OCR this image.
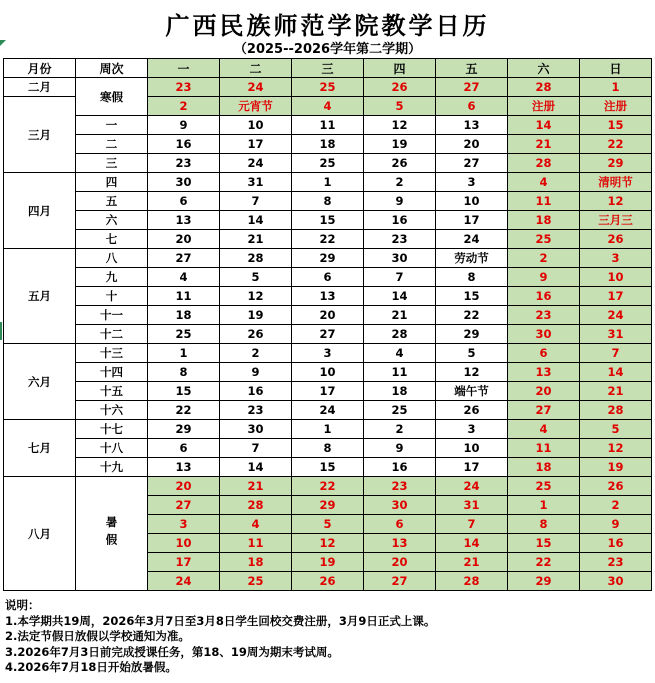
广西民族师范学院教学日历
（2025--2026学年第二学期）
月份	周次	一	二	三	四	五	六	日
二月	寒假	23	24	25	26	27	28	1
三月		2	元宵节	4	5	6	注册	注册
	一	9	10	11	12	13	14	15
	二	16	17	18	19	20	21	22
	三	23	24	25	26	27	28	29
四月	四	30	31	1	2	3	4	清明节
	五	6	7	8	9	10	11	12
	六	13	14	15	16	17	18	三月三
	七	20	21	22	23	24	25	26
五月	八	27	28	29	30	劳动节	2	3
	九	4	5	6	7	8	9	10
	十	11	12	13	14	15	16	17
	十一	18	19	20	21	22	23	24
	十二	25	26	27	28	29	30	31
六月	十三	1	2	3	4	5	6	7
	十四	8	9	10	11	12	13	14
	十五	15	16	17	18	端午节	20	21
	十六	22	23	24	25	26	27	28
七月	十七	29	30	1	2	3	4	5
	十八	6	7	8	9	10	11	12
	十九	13	14	15	16	17	18	19
八月	暑假	20	21	22	23	24	25	26
		27	28	29	30	31	1	2
		3	4	5	6	7	8	9
		10	11	12	13	14	15	16
		17	18	19	20	21	22	23
		24	25	26	27	28	29	30
说明：
1.本学期共19周，2026年3月7日至3月8日学生回校交费注册，3月9日正式上课。
2.法定节假日放假以学校通知为准。
3.2026年7月3日前完成授课任务，第18、19周为期末考试周。
4.2026年7月18日开始放暑假。
